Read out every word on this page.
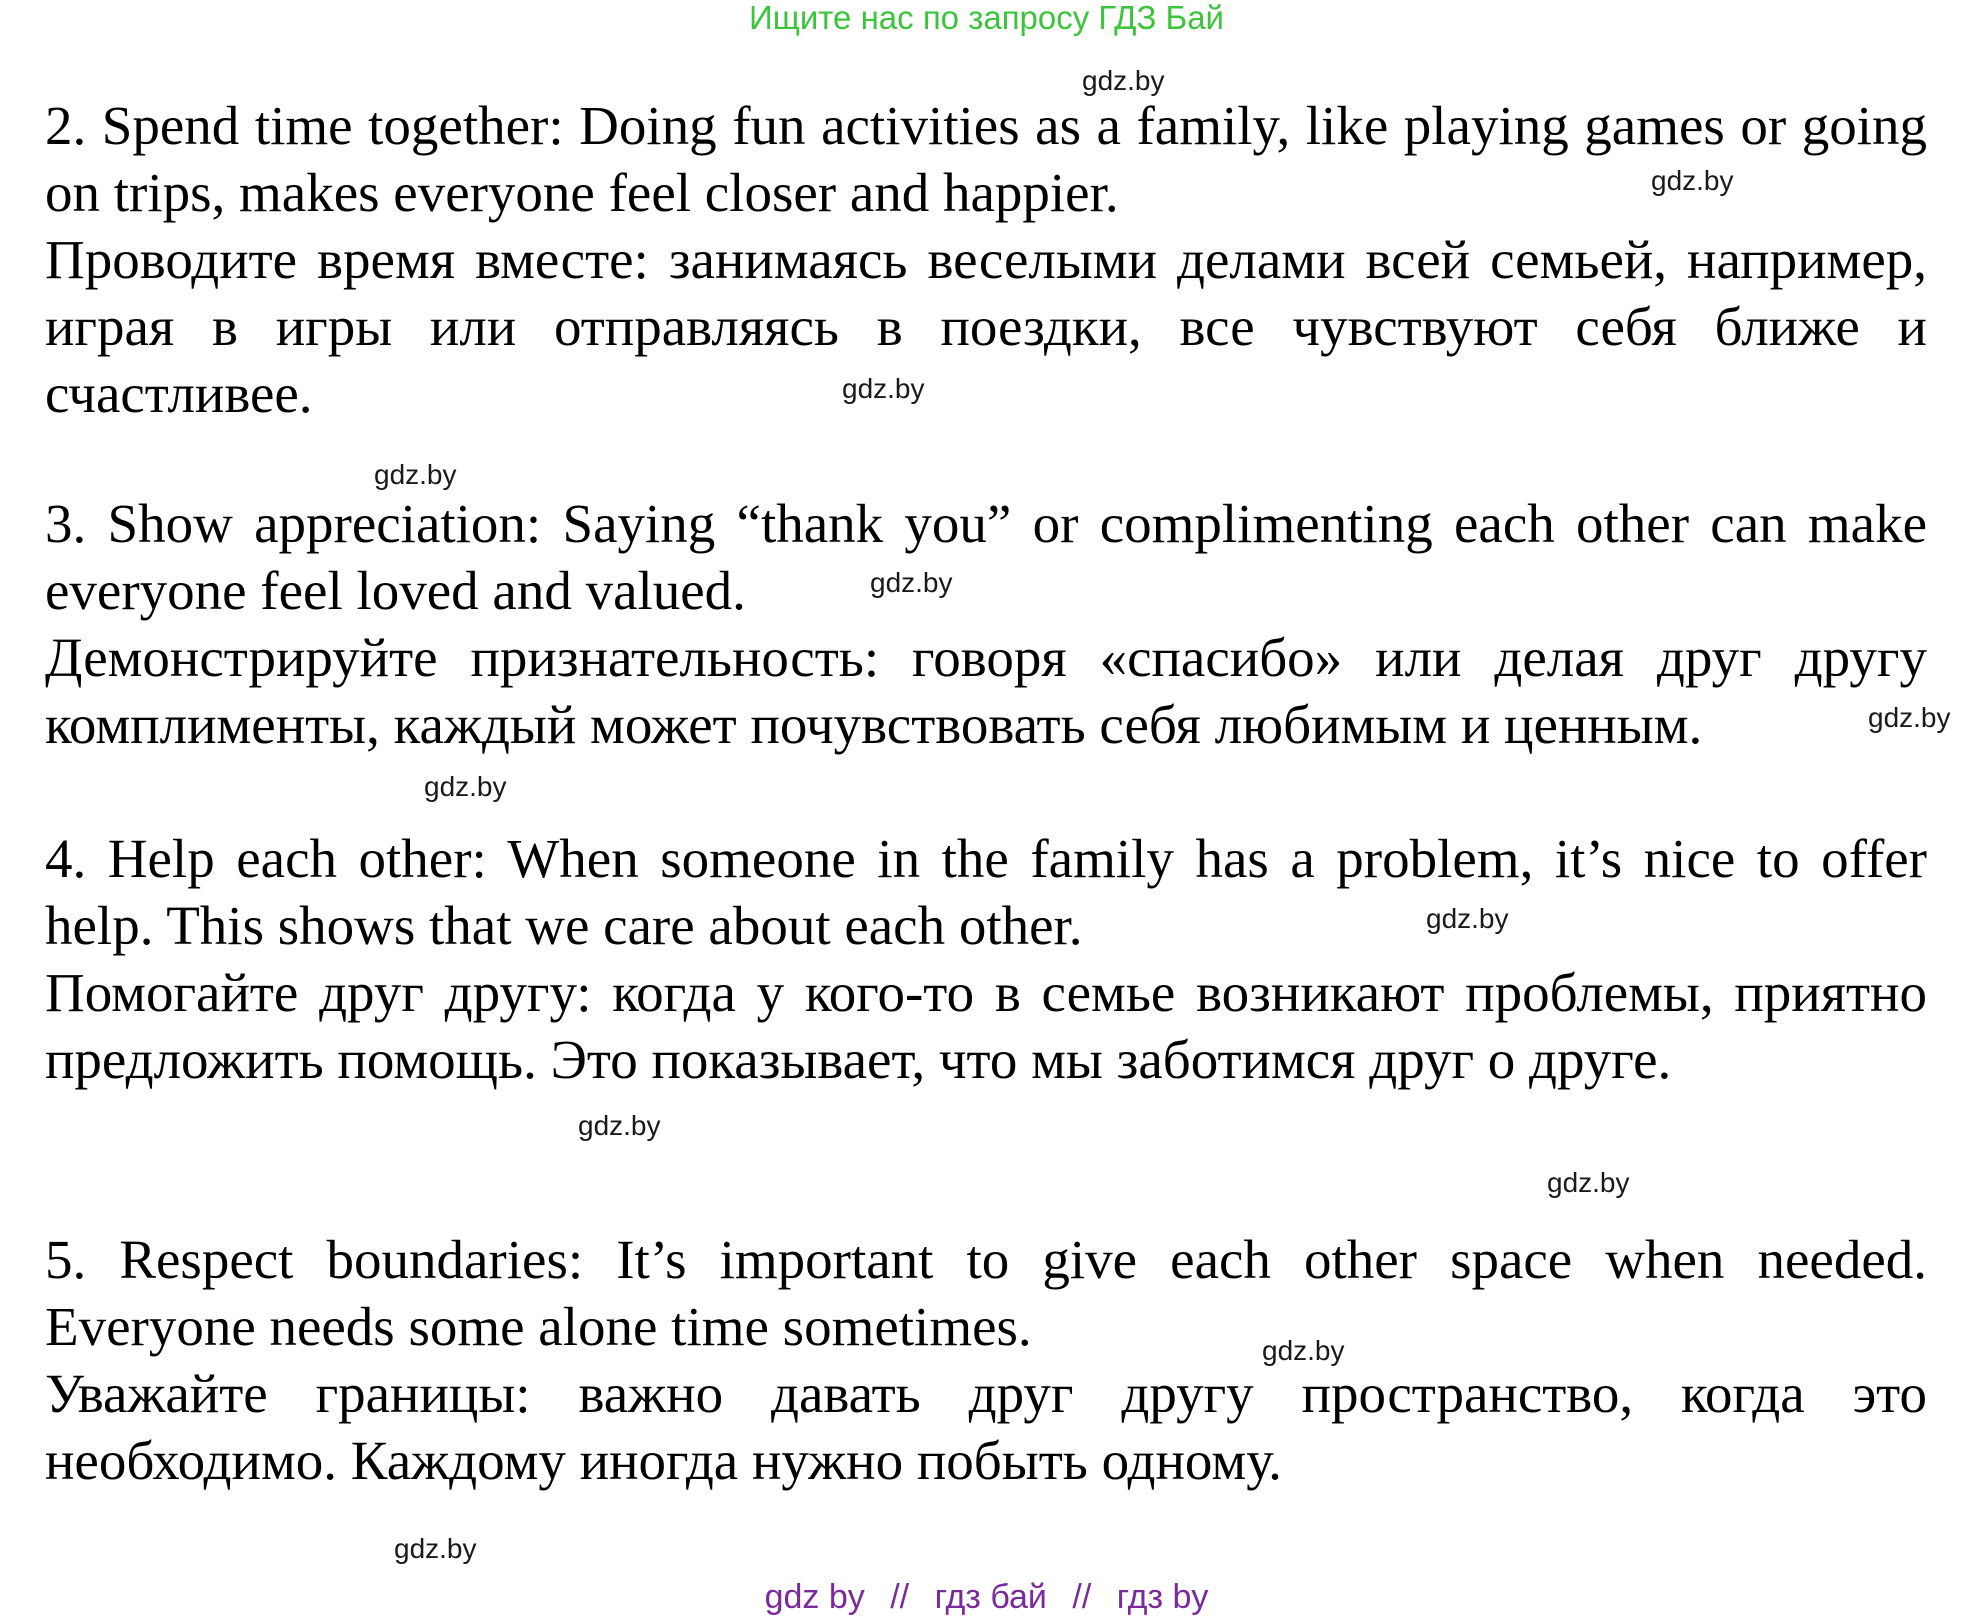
Ищите нас по запросу ГДЗ Бай

2. Spend time together: Doing fun activities as a family, like playing games or going on trips, makes everyone feel closer and happier.

Проводите время вместе: занимаясь веселыми делами всей семьей, например, играя в игры или отправляясь в поездки, все чувствуют себя ближе и счастливее.

3. Show appreciation: Saying “thank you” or complimenting each other can make everyone feel loved and valued.

Демонстрируйте признательность: говоря «спасибо» или делая друг другу комплименты, каждый может почувствовать себя любимым и ценным.

4. Help each other: When someone in the family has a problem, it’s nice to offer help. This shows that we care about each other.

Помогайте друг другу: когда у кого-то в семье возникают проблемы, приятно предложить помощь. Это показывает, что мы заботимся друг о друге.

5. Respect boundaries: It’s important to give each other space when needed. Everyone needs some alone time sometimes.

Уважайте границы: важно давать друг другу пространство, когда это необходимо. Каждому иногда нужно побыть одному.

gdz.by
gdz.by
gdz.by
gdz.by
gdz.by
gdz.by
gdz.by
gdz.by
gdz.by
gdz.by
gdz.by
gdz.by
gdz by // гдз бай // гдз by
